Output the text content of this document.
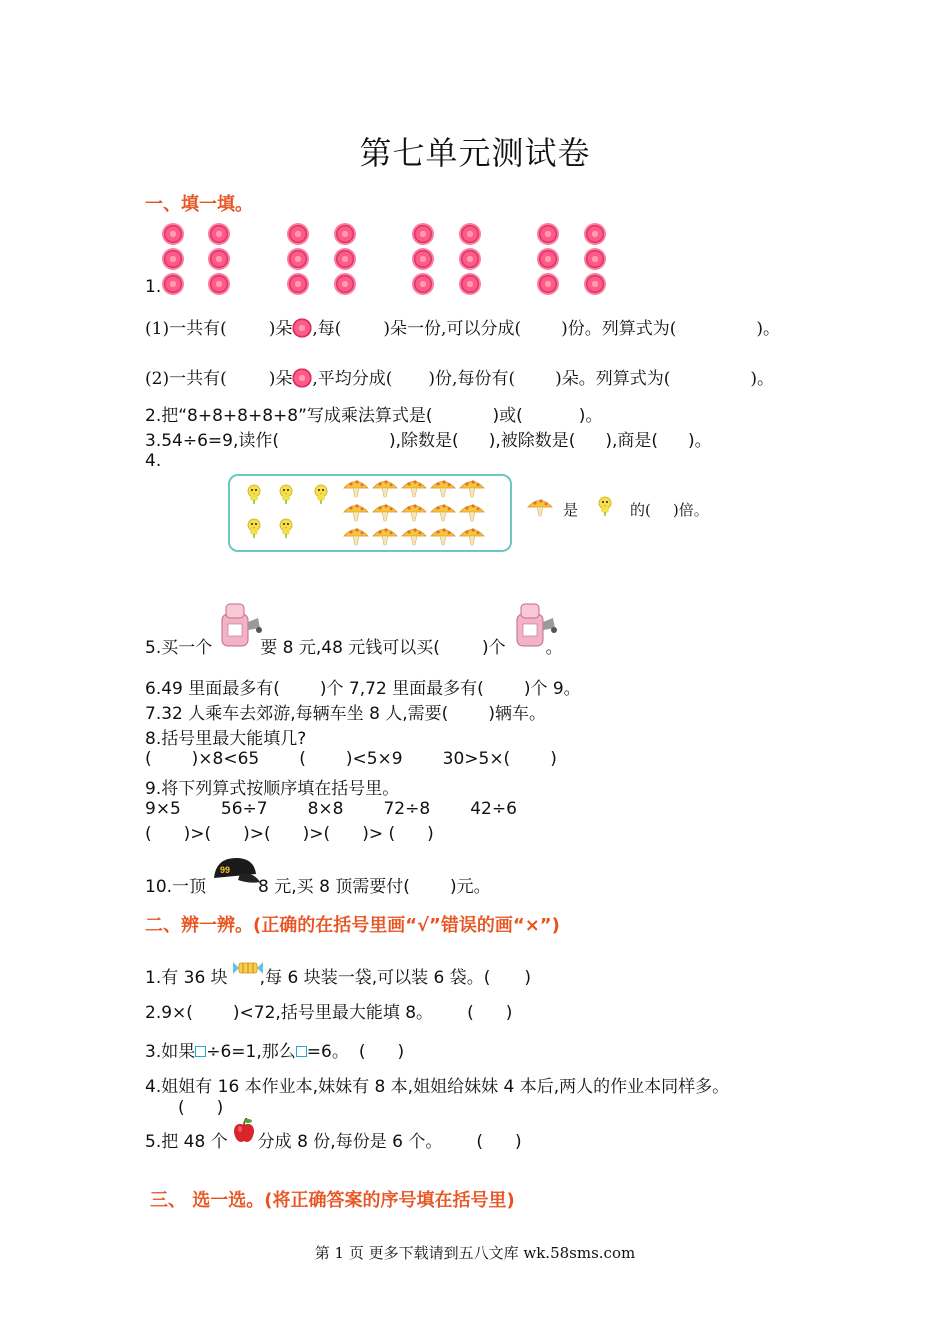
第七单元测试卷
一、填一填。
1.
(1)一共有( )朵 ,每( )朵一份,可以分成( )份。列算式为(	)。
(2)一共有( )朵 ,平均分成( )份,每份有( )朵。列算式为(	)。
2.把“8+8+8+8+8”写成乘法算式是(	)或(	)。
3.54÷6=9,读作(	),除数是( ),被除数是( ),商是( )。
4.
是	的( )倍。
5.买一个	要 8 元,48 元钱可以买( )个 。
6.49 里面最多有( )个 7,72 里面最多有( )个 9。
7.32 人乘车去郊游,每辆车坐 8 人,需要( )辆车。
8.括号里最大能填几?
( )×8<65 ( )<5×9 30>5×( )
9.将下列算式按顺序填在括号里。
9×5 56÷7 8×8 72÷8 42÷6
( )>( )>( )>( )> ( )
99
10.一顶	8 元,买 8 顶需要付( )元。
二、辨一辨。(正确的在括号里画“√”错误的画“×”)
1.有 36 块 ,每 6 块装一袋,可以装 6 袋。( )
2.9×( )<72,括号里最大能填 8。 ( )
3.如果 ÷6=1,那么 =6。 ( )
4.姐姐有 16 本作业本,妹妹有 8 本,姐姐给妹妹 4 本后,两人的作业本同样多。
( )
5.把 48 个 分成 8 份,每份是 6 个。 ( )
三、 选一选。(将正确答案的序号填在括号里)
第 1 页 更多下载请到五八文库 wk.58sms.com
